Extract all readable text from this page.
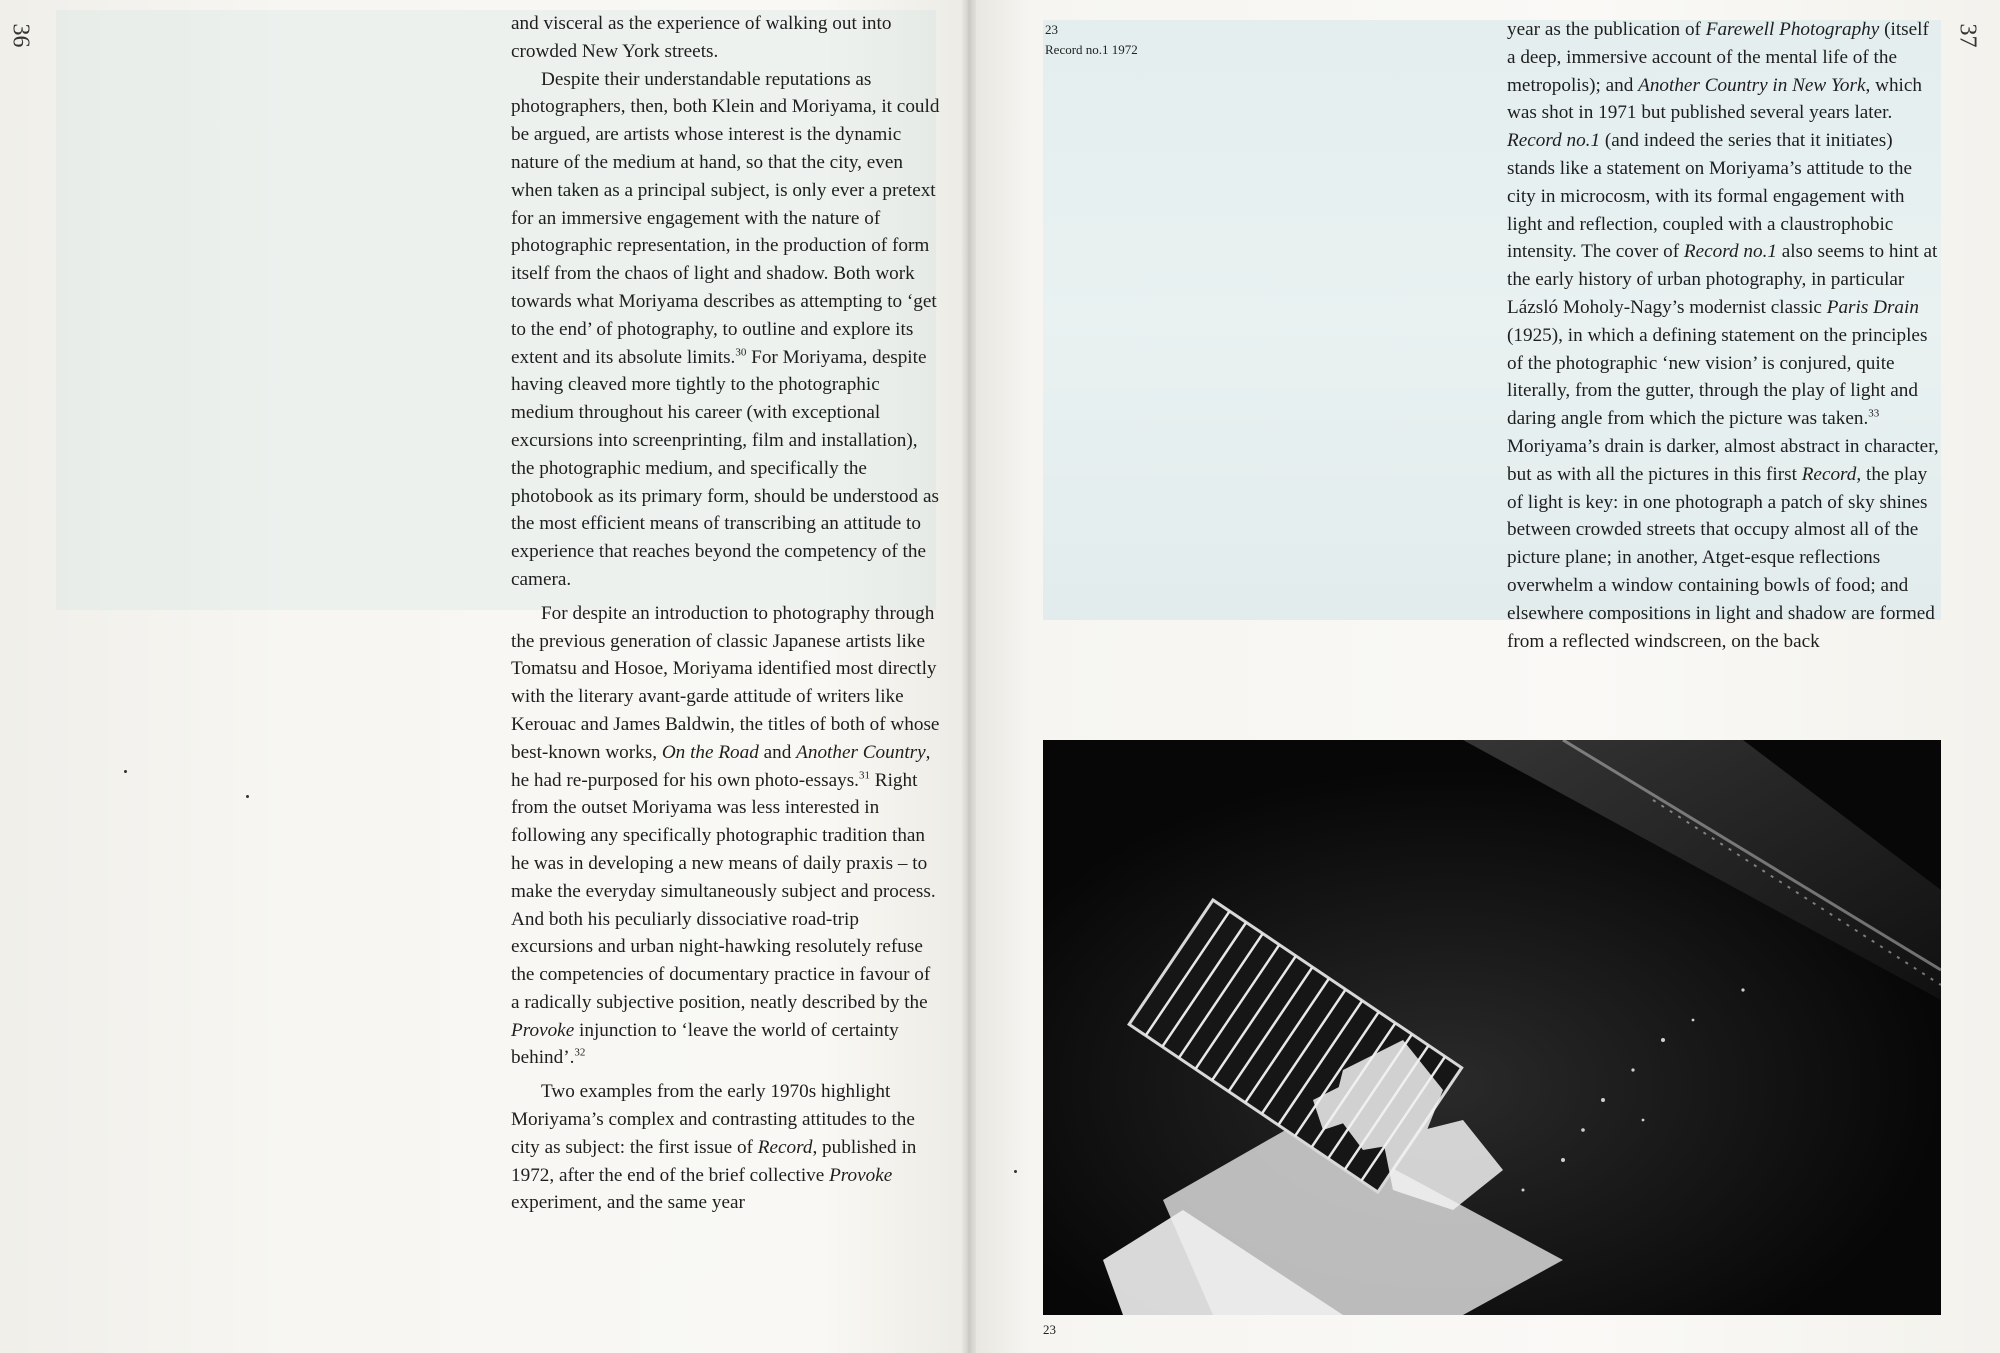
36	37

and visceral as the experience of walking out into crowded New York streets.

Despite their understandable reputations as photographers, then, both Klein and Moriyama, it could be argued, are artists whose interest is the dynamic nature of the medium at hand, so that the city, even when taken as a principal subject, is only ever a pretext for an immersive engagement with the nature of photographic representation, in the production of form itself from the chaos of light and shadow. Both work towards what Moriyama describes as attempting to ‘get to the end’ of photography, to outline and explore its extent and its absolute limits.$^{30}$ For Moriyama, despite having cleaved more tightly to the photographic medium throughout his career (with exceptional excursions into screenprinting, film and installation), the photographic medium, and specifically the photobook as its primary form, should be understood as the most efficient means of transcribing an attitude to experience that reaches beyond the competency of the camera.

For despite an introduction to photography through the previous generation of classic Japanese artists like Tomatsu and Hosoe, Moriyama identified most directly with the literary avant-garde attitude of writers like Kerouac and James Baldwin, the titles of both of whose best-known works, On the Road and Another Country, he had re-purposed for his own photo-essays.$^{31}$ Right from the outset Moriyama was less interested in following any specifically photographic tradition than he was in developing a new means of daily praxis – to make the everyday simultaneously subject and process. And both his peculiarly dissociative road-trip excursions and urban night-hawking resolutely refuse the competencies of documentary practice in favour of a radically subjective position, neatly described by the Provoke injunction to ‘leave the world of certainty behind’.$^{32}$

Two examples from the early 1970s highlight Moriyama’s complex and contrasting attitudes to the city as subject: the first issue of Record, published in 1972, after the end of the brief collective Provoke experiment, and the same year

23
Record no.1 1972

year as the publication of Farewell Photography (itself a deep, immersive account of the mental life of the metropolis); and Another Country in New York, which was shot in 1971 but published several years later. Record no.1 (and indeed the series that it initiates) stands like a statement on Moriyama’s attitude to the city in microcosm, with its formal engagement with light and reflection, coupled with a claustrophobic intensity. The cover of Record no.1 also seems to hint at the early history of urban photography, in particular Lázsló Moholy-Nagy’s modernist classic Paris Drain (1925), in which a defining statement on the principles of the photographic ‘new vision’ is conjured, quite literally, from the gutter, through the play of light and daring angle from which the picture was taken.$^{33}$ Moriyama’s drain is darker, almost abstract in character, but as with all the pictures in this first Record, the play of light is key: in one photograph a patch of sky shines between crowded streets that occupy almost all of the picture plane; in another, Atget-esque reflections overwhelm a window containing bowls of food; and elsewhere compositions in light and shadow are formed from a reflected windscreen, on the back

23
